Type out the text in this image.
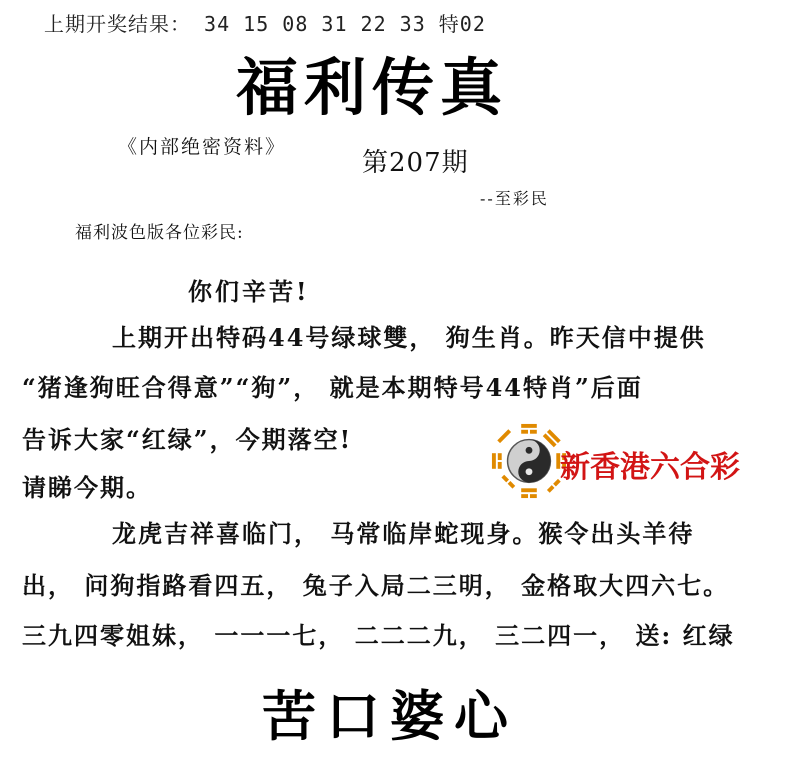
上期开奖结果： 34 15 08 31 22 33 特02
福利传真
《内部绝密资料》
第207期
--至彩民
福利波色版各位彩民:
你们辛苦!
上期开出特码44号绿球雙， 狗生肖。昨天信中提供
“猪逢狗旺合得意”“狗”， 就是本期特号44特肖”后面
告诉大家“红绿”，今期落空!
请睇今期。
龙虎吉祥喜临门， 马常临岸蛇现身。猴令出头羊待
出， 问狗指路看四五， 兔子入局二三明， 金格取大四六七。
三九四零姐妹， 一一一七， 二二二九， 三二四一， 送: 红绿
苦口婆心
新香港六合彩
